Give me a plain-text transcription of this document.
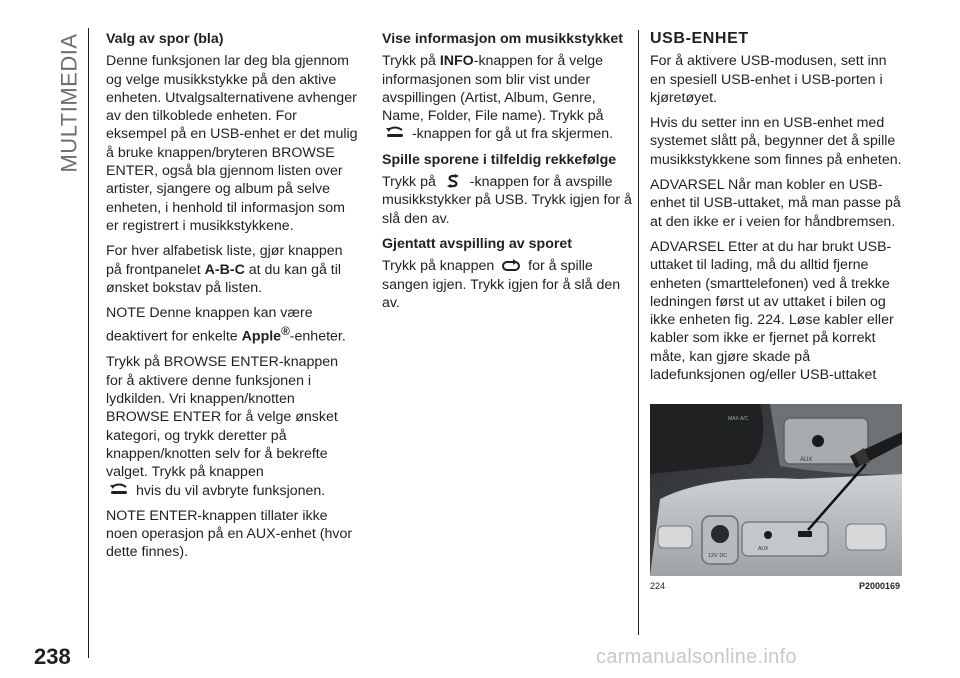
MULTIMEDIA
238
Valg av spor (bla)

Denne funksjonen lar deg bla gjennom og velge musikkstykke på den aktive enheten. Utvalgsalternativene avhenger av den tilkoblede enheten. For eksempel på en USB-enhet er det mulig å bruke knappen/bryteren BROWSE ENTER, også bla gjennom listen over artister, sjangere og album på selve enheten, i henhold til informasjon som er registrert i musikkstykkene.

For hver alfabetisk liste, gjør knappen på frontpanelet A-B-C at du kan gå til ønsket bokstav på listen.

NOTE Denne knappen kan være deaktivert for enkelte Apple®-enheter.

Trykk på BROWSE ENTER-knappen for å aktivere denne funksjonen i lydkilden. Vri knappen/knotten BROWSE ENTER for å velge ønsket kategori, og trykk deretter på knappen/knotten selv for å bekrefte valget. Trykk på knappen
hvis du vil avbryte funksjonen.

NOTE ENTER-knappen tillater ikke noen operasjon på en AUX-enhet (hvor dette finnes).

Vise informasjon om musikkstykket

Trykk på INFO-knappen for å velge informasjonen som blir vist under avspillingen (Artist, Album, Genre, Name, Folder, File name). Trykk på
-knappen for gå ut fra skjermen.

Spille sporene i tilfeldig rekkefølge

Trykk på -knappen for å avspille musikkstykker på USB. Trykk igjen for å slå den av.

Gjentatt avspilling av sporet

Trykk på knappen for å spille sangen igjen. Trykk igjen for å slå den av.

USB-ENHET

For å aktivere USB-modusen, sett inn en spesiell USB-enhet i USB-porten i kjøretøyet.

Hvis du setter inn en USB-enhet med systemet slått på, begynner det å spille musikkstykkene som finnes på enheten.

ADVARSEL Når man kobler en USB-enhet til USB-uttaket, må man passe på at den ikke er i veien for håndbremsen.

ADVARSEL Etter at du har brukt USB-uttaket til lading, må du alltid fjerne enheten (smarttelefonen) ved å trekke ledningen først ut av uttaket i bilen og ikke enheten fig. 224. Løse kabler eller kabler som ikke er fjernet på korrekt måte, kan gjøre skade på ladefunksjonen og/eller USB-uttaket

AUX
MAX A/C
12V DC
AUX
224	P2000169
carmanualsonline.info
